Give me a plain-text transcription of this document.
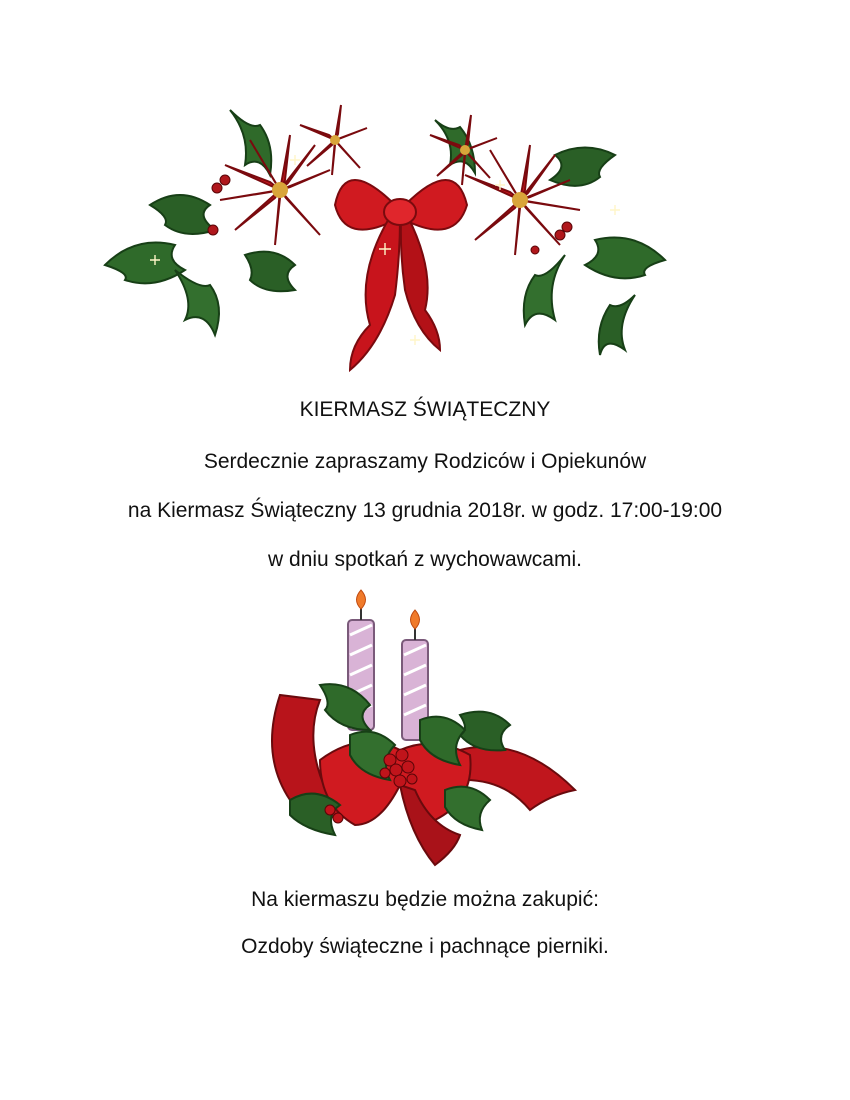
KIERMASZ ŚWIĄTECZNY
Serdecznie zapraszamy Rodziców i Opiekunów
na Kiermasz Świąteczny 13 grudnia 2018r. w godz. 17:00-19:00
w dniu spotkań z wychowawcami.
Na kiermaszu będzie można zakupić:
Ozdoby świąteczne i pachnące pierniki.
